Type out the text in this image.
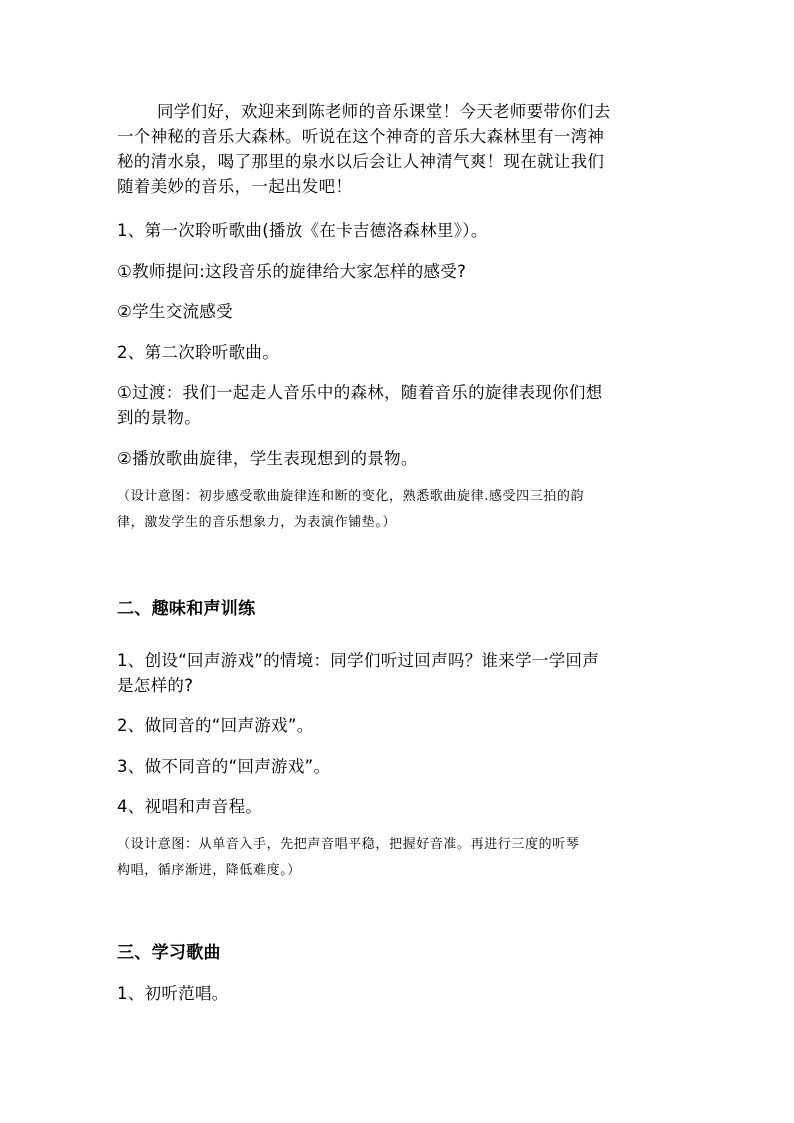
同学们好，欢迎来到陈老师的音乐课堂！今天老师要带你们去
一个神秘的音乐大森林。听说在这个神奇的音乐大森林里有一湾神
秘的清水泉，喝了那里的泉水以后会让人神清气爽！现在就让我们
随着美妙的音乐，一起出发吧！

1、第一次聆听歌曲(播放《在卡吉德洛森林里》）。

①教师提问:这段音乐的旋律给大家怎样的感受?

②学生交流感受

2、第二次聆听歌曲。

①过渡：我们一起走人音乐中的森林，随着音乐的旋律表现你们想
到的景物。

②播放歌曲旋律，学生表现想到的景物。

（设计意图：初步感受歌曲旋律连和断的变化，熟悉歌曲旋律.感受四三拍的韵
律，激发学生的音乐想象力，为表演作铺垫。）

二、趣味和声训练

1、创设“回声游戏”的情境：同学们听过回声吗？谁来学一学回声
是怎样的?

2、做同音的“回声游戏”。

3、做不同音的“回声游戏”。

4、视唱和声音程。

（设计意图：从单音入手，先把声音唱平稳，把握好音准。再进行三度的听琴
构唱，循序渐进，降低难度。）

三、学习歌曲

1、初听范唱。
